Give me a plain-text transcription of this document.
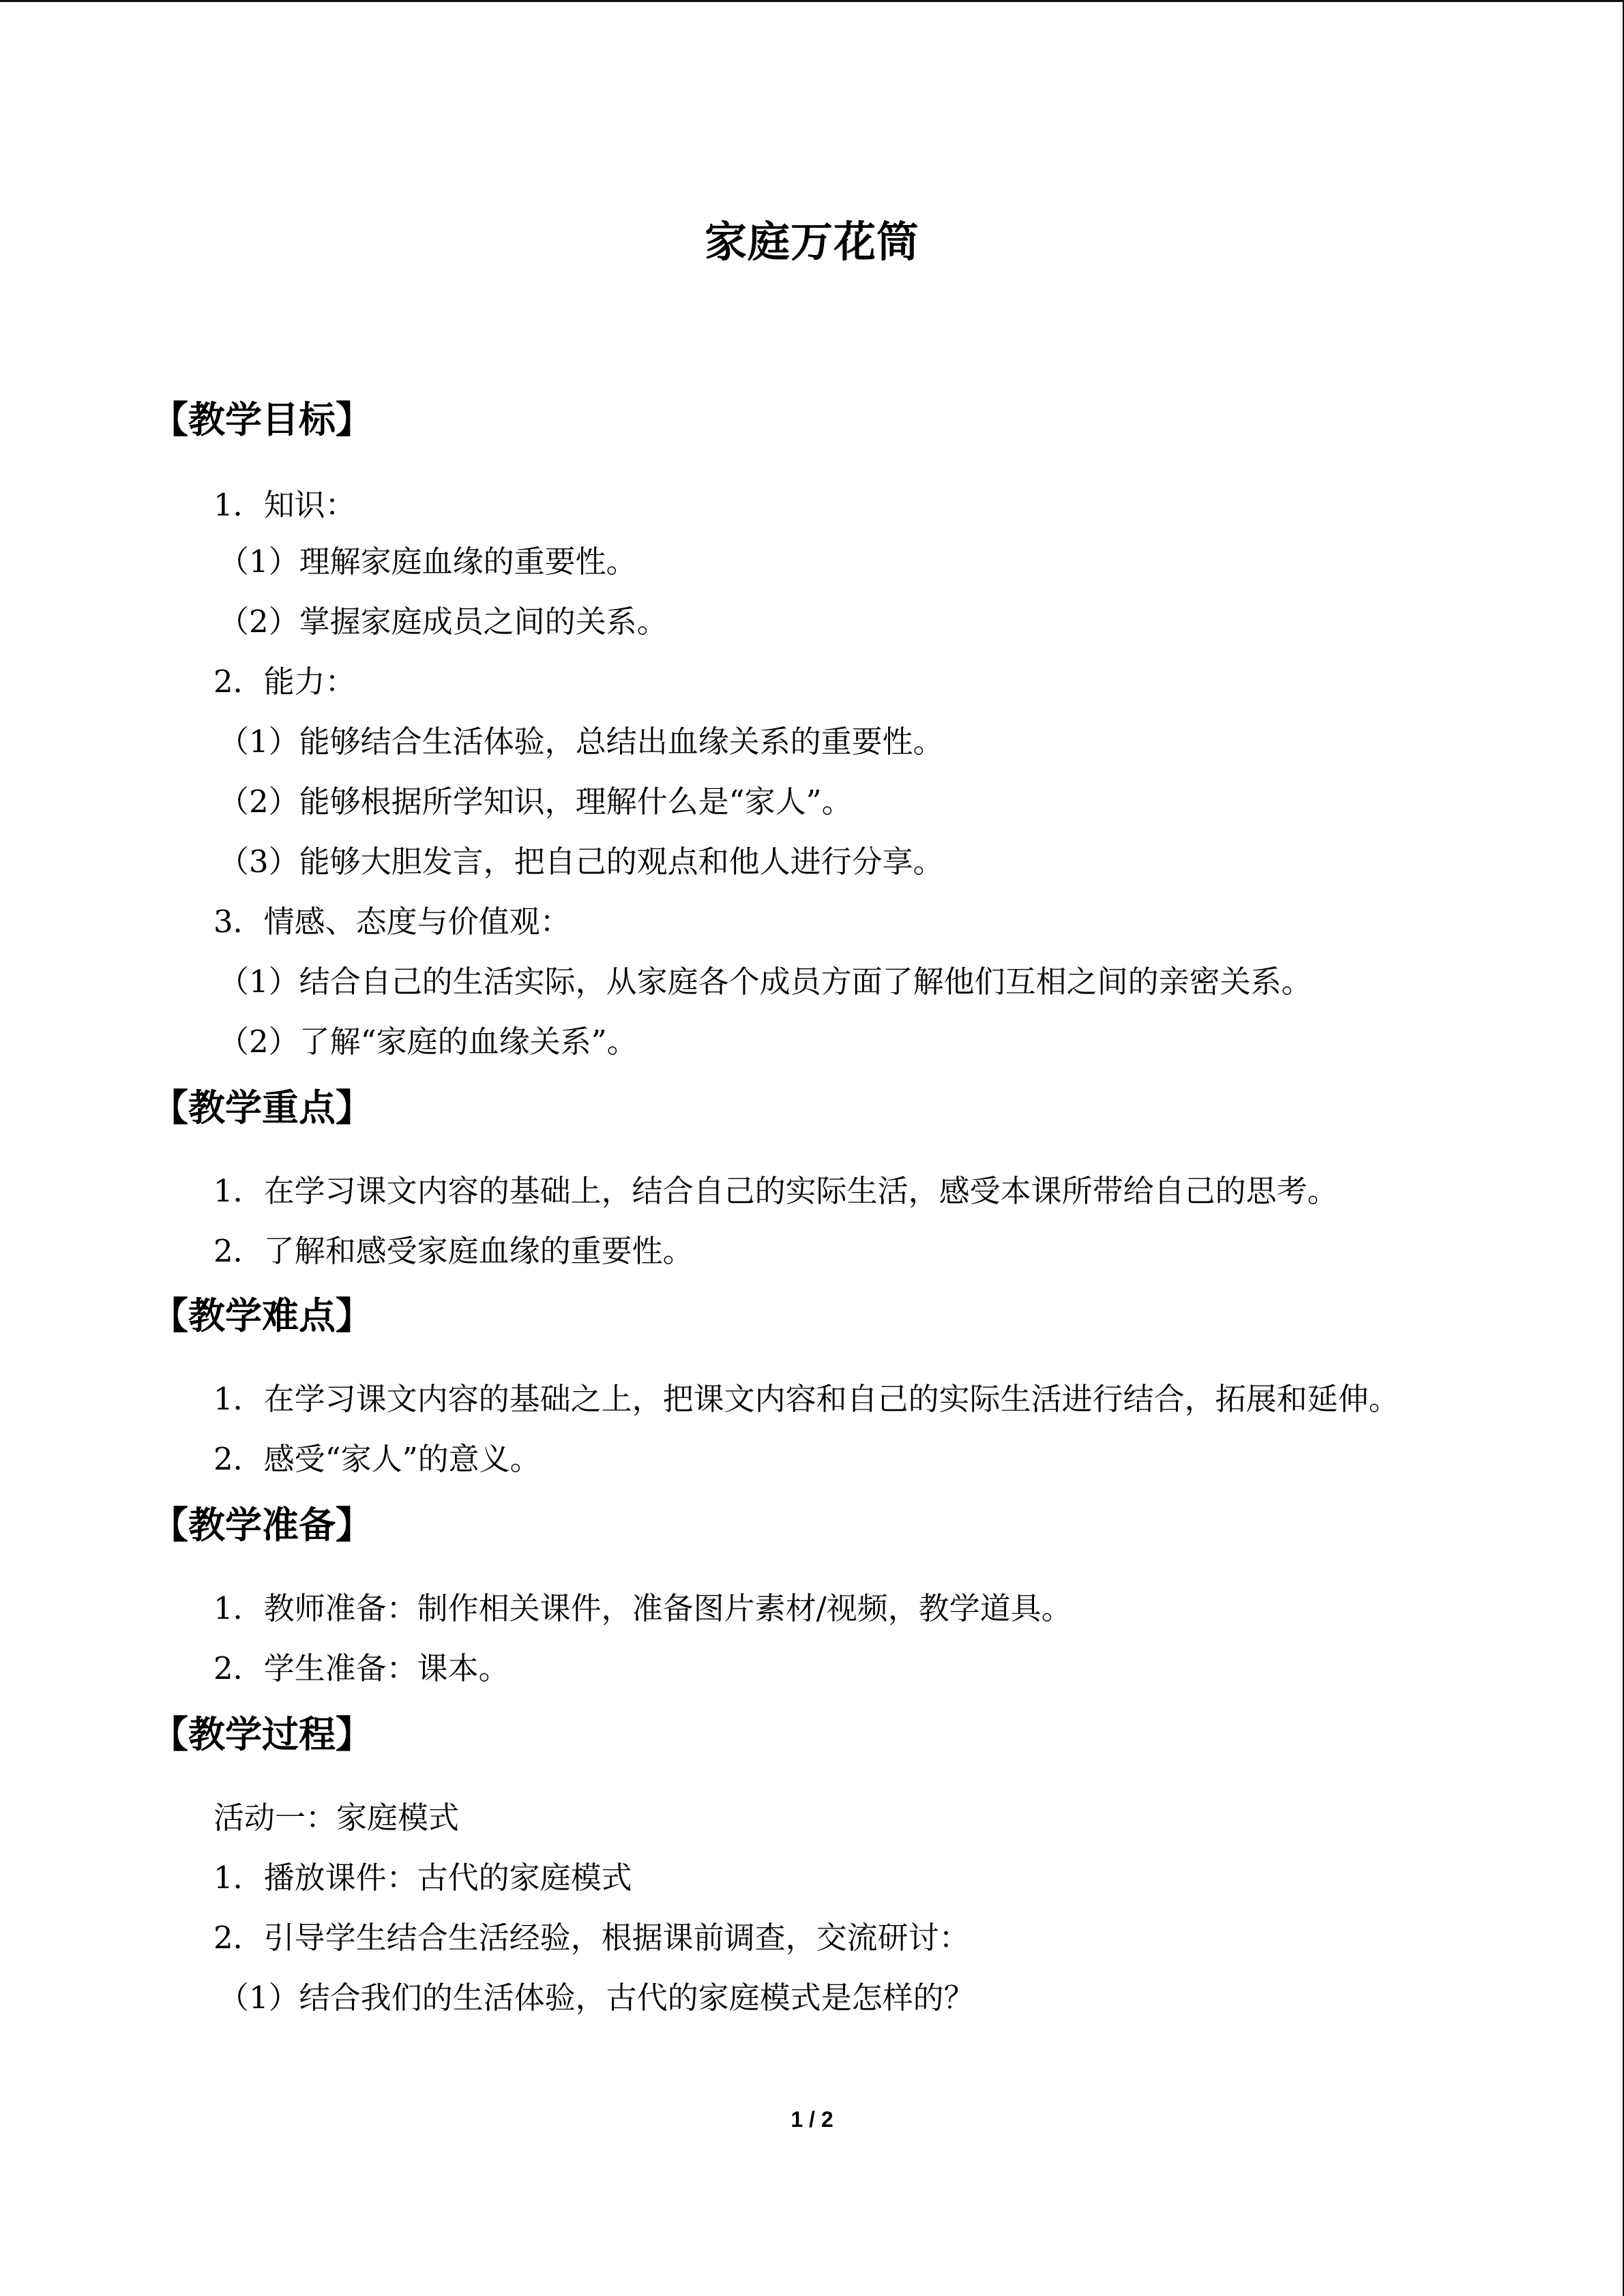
家庭万花筒
【教学目标】
1．知识：
（1）理解家庭血缘的重要性。
（2）掌握家庭成员之间的关系。
2．能力：
（1）能够结合生活体验，总结出血缘关系的重要性。
（2）能够根据所学知识，理解什么是“家人”。
（3）能够大胆发言，把自己的观点和他人进行分享。
3．情感、态度与价值观：
（1）结合自己的生活实际，从家庭各个成员方面了解他们互相之间的亲密关系。
（2）了解“家庭的血缘关系”。
【教学重点】
1．在学习课文内容的基础上，结合自己的实际生活，感受本课所带给自己的思考。
2．了解和感受家庭血缘的重要性。
【教学难点】
1．在学习课文内容的基础之上，把课文内容和自己的实际生活进行结合，拓展和延伸。
2．感受“家人”的意义。
【教学准备】
1．教师准备：制作相关课件，准备图片素材/视频，教学道具。
2．学生准备：课本。
【教学过程】
活动一：家庭模式
1．播放课件：古代的家庭模式
2．引导学生结合生活经验，根据课前调查，交流研讨：
（1）结合我们的生活体验，古代的家庭模式是怎样的？
1 / 2
